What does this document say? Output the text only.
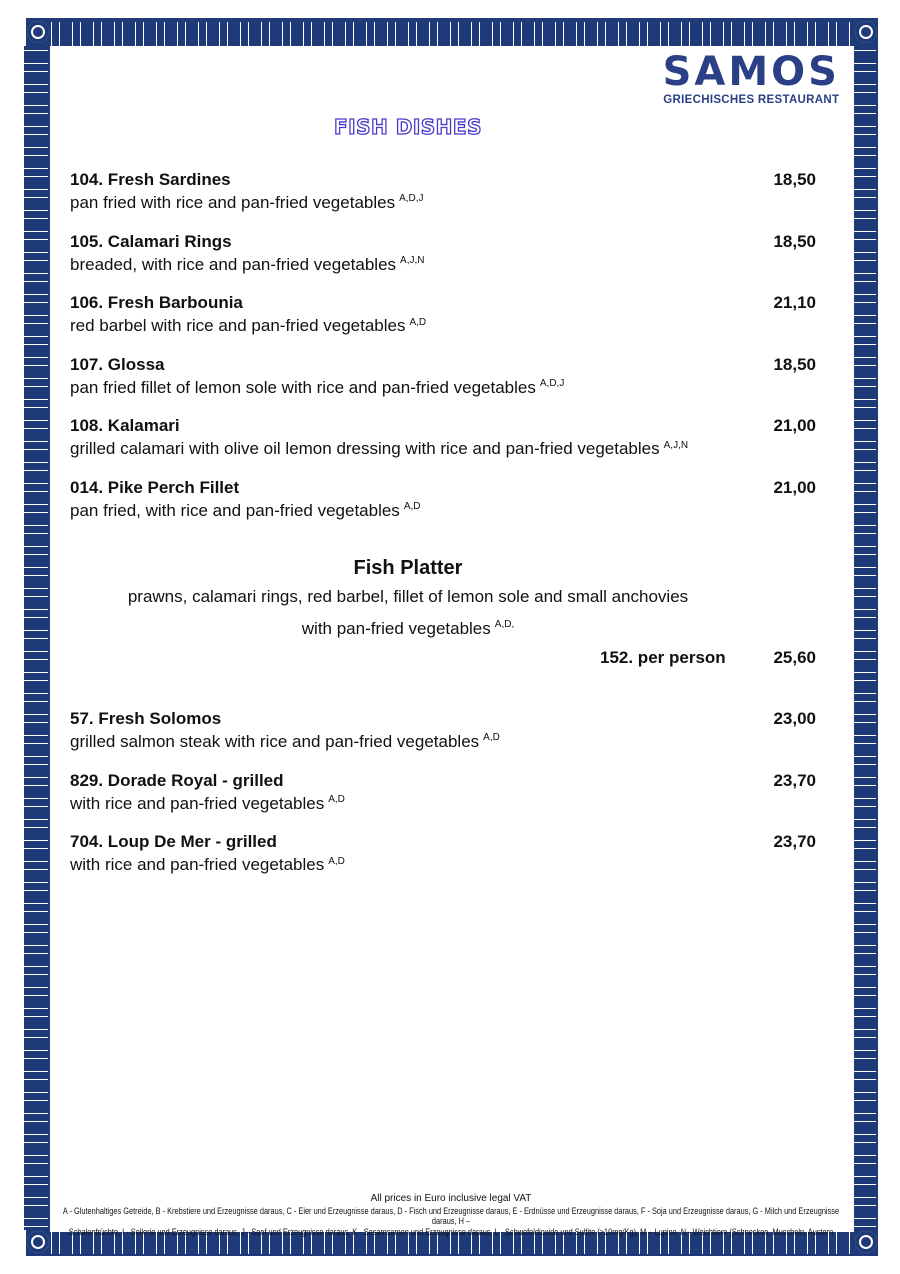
SAMOS
GRIECHISCHES RESTAURANT
FISH DISHES
104. Fresh Sardines	18,50
pan fried with rice and pan-fried vegetables $^{A,D,J}$
105. Calamari Rings	18,50
breaded, with rice and pan-fried vegetables $^{A,J,N}$
106. Fresh Barbounia	21,10
red barbel with rice and pan-fried vegetables $^{A,D}$
107. Glossa	18,50
pan fried fillet of lemon sole with rice and pan-fried vegetables $^{A,D,J}$
108. Kalamari	21,00
grilled calamari with olive oil lemon dressing with rice and pan-fried vegetables $^{A,J,N}$
014. Pike Perch Fillet	21,00
pan fried, with rice and pan-fried vegetables $^{A,D}$
57. Fresh Solomos	23,00
grilled salmon steak with rice and pan-fried vegetables $^{A,D}$
829. Dorade Royal - grilled	23,70
with rice and pan-fried vegetables $^{A,D}$
704. Loup De Mer - grilled	23,70
with rice and pan-fried vegetables $^{A,D}$
Fish Platter
prawns, calamari rings, red barbel, fillet of lemon sole and small anchovies
with pan-fried vegetables $^{A,D,}$
152. per person	25,60
All prices in Euro inclusive legal VAT
A - Glutenhaltiges Getreide, B - Krebstiere und Erzeugnisse daraus, C - Eier und Erzeugnisse daraus, D - Fisch und Erzeugnisse daraus, E - Erdnüsse und Erzeugnisse daraus, F - Soja und Erzeugnisse daraus, G - Milch und Erzeugnisse daraus, H –
Schalenfrüchte, I - Sellerie und Erzeugnisse daraus, J - Senf und Erzeugnisse daraus, K - Sesamsamen und Erzeugnisse daraus, L - Schwefeldioxide und Sulfite (>10mg/Kg), M – Lupine, N - Weichtiere (Schnecken, Muscheln, Austern
